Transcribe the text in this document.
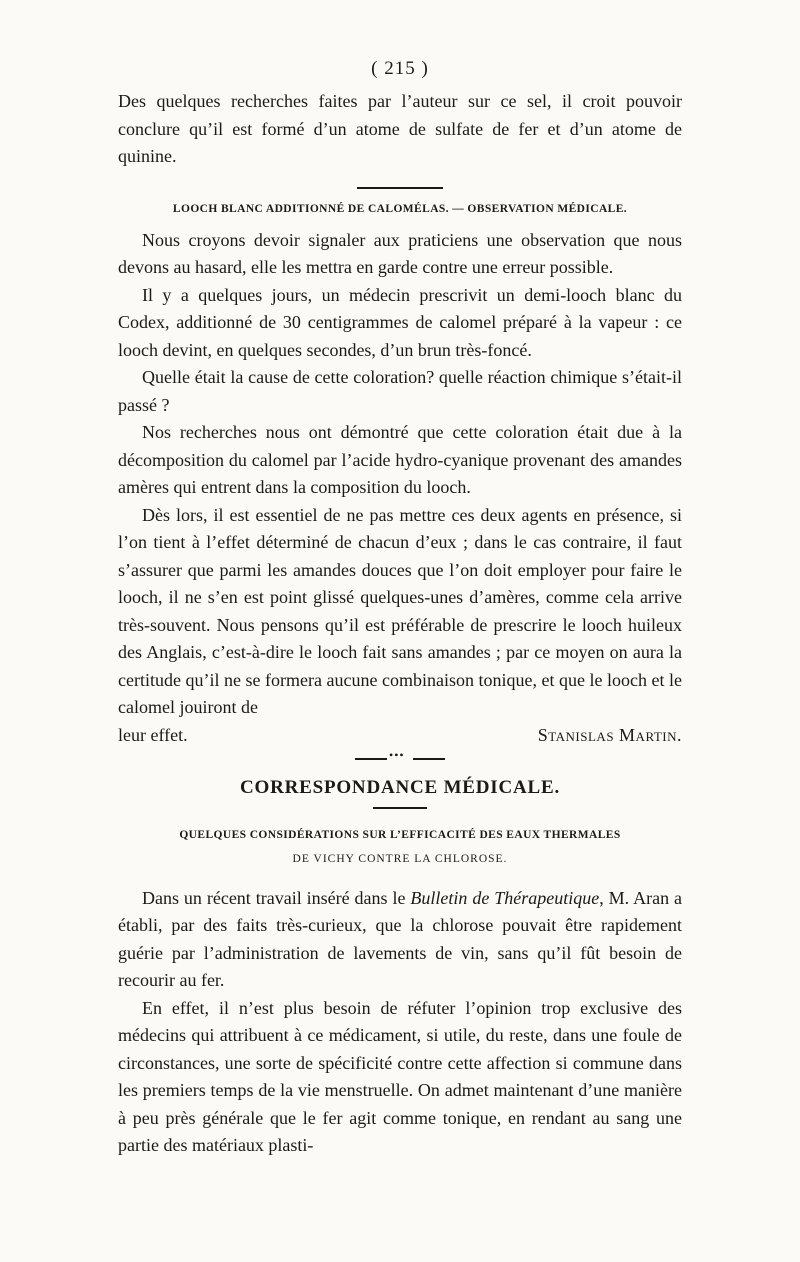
( 215 )

Des quelques recherches faites par l’auteur sur ce sel, il croit pouvoir conclure qu’il est formé d’un atome de sulfate de fer et d’un atome de quinine.

LOOCH BLANC ADDITIONNÉ DE CALOMÉLAS. — OBSERVATION MÉDICALE.

Nous croyons devoir signaler aux praticiens une observation que nous devons au hasard, elle les mettra en garde contre une erreur possible.

Il y a quelques jours, un médecin prescrivit un demi-looch blanc du Codex, additionné de 30 centigrammes de calomel préparé à la vapeur : ce looch devint, en quelques secondes, d’un brun très-foncé.

Quelle était la cause de cette coloration? quelle réaction chimique s’était-il passé ?

Nos recherches nous ont démontré que cette coloration était due à la décomposition du calomel par l’acide hydro-cyanique provenant des amandes amères qui entrent dans la composition du looch.

Dès lors, il est essentiel de ne pas mettre ces deux agents en présence, si l’on tient à l’effet déterminé de chacun d’eux ; dans le cas contraire, il faut s’assurer que parmi les amandes douces que l’on doit employer pour faire le looch, il ne s’en est point glissé quelques-unes d’amères, comme cela arrive très-souvent. Nous pensons qu’il est préférable de prescrire le looch huileux des Anglais, c’est-à-dire le looch fait sans amandes ; par ce moyen on aura la certitude qu’il ne se formera aucune combinaison tonique, et que le looch et le calomel jouiront de

leur effet.	Stanislas Martin.
•••
CORRESPONDANCE MÉDICALE.
QUELQUES CONSIDÉRATIONS SUR L’EFFICACITÉ DES EAUX THERMALES
DE VICHY CONTRE LA CHLOROSE.

Dans un récent travail inséré dans le Bulletin de Thérapeutique, M. Aran a établi, par des faits très-curieux, que la chlorose pouvait être rapidement guérie par l’administration de lavements de vin, sans qu’il fût besoin de recourir au fer.

En effet, il n’est plus besoin de réfuter l’opinion trop exclusive des médecins qui attribuent à ce médicament, si utile, du reste, dans une foule de circonstances, une sorte de spécificité contre cette affection si commune dans les premiers temps de la vie menstruelle. On admet maintenant d’une manière à peu près générale que le fer agit comme tonique, en rendant au sang une partie des matériaux plasti-
